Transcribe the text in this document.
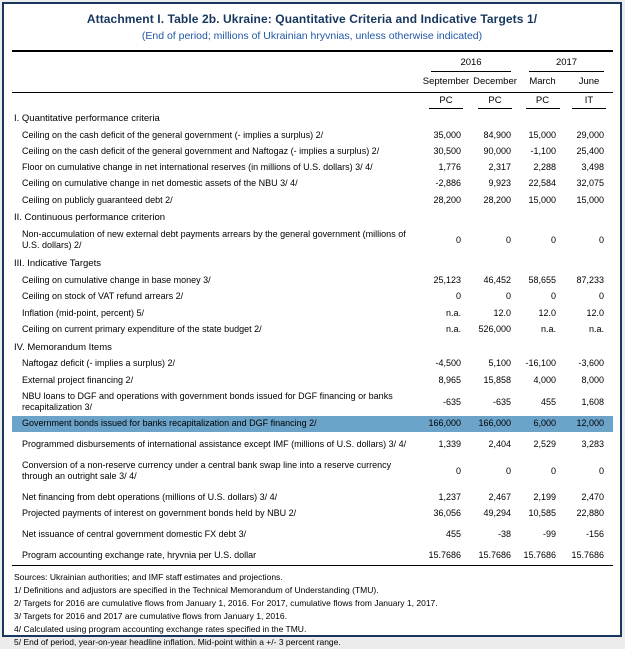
Attachment I. Table 2b. Ukraine: Quantitative Criteria and Indicative Targets 1/
(End of period; millions of Ukrainian hryvnias, unless otherwise indicated)

	2016		2017	

	September	December	March	June

	PC	PC	PC	IT

I. Quantitative performance criteria				
Ceiling on the cash deficit of the general government (- implies a surplus) 2/	35,000	84,900	15,000	29,000
Ceiling on the cash deficit of the general government and Naftogaz (- implies a surplus) 2/	30,500	90,000	-1,100	25,400
Floor on cumulative change in net international reserves (in millions of U.S. dollars) 3/ 4/	1,776	2,317	2,288	3,498
Ceiling on cumulative change in net domestic assets of the NBU 3/ 4/	-2,886	9,923	22,584	32,075
Ceiling on publicly guaranteed debt 2/	28,200	28,200	15,000	15,000
II. Continuous performance criterion				
Non-accumulation of new external debt payments arrears by the general government (millions of U.S. dollars) 2/	0	0	0	0
III. Indicative Targets				
Ceiling on cumulative change in base money 3/	25,123	46,452	58,655	87,233
Ceiling on stock of VAT refund arrears 2/	0	0	0	0
Inflation (mid-point, percent) 5/	n.a.	12.0	12.0	12.0
Ceiling on current primary expenditure of the state budget 2/	n.a.	526,000	n.a.	n.a.
IV. Memorandum Items				
Naftogaz deficit (- implies a surplus) 2/	-4,500	5,100	-16,100	-3,600
External project financing 2/	8,965	15,858	4,000	8,000
NBU loans to DGF and operations with government bonds issued for DGF financing or banks recapitalization 3/	-635	-635	455	1,608
Government bonds issued for banks recapitalization and DGF financing 2/	166,000	166,000	6,000	12,000
Programmed disbursements of international assistance except IMF (millions of U.S. dollars) 3/ 4/	1,339	2,404	2,529	3,283
Conversion of a non-reserve currency under a central bank swap line into a reserve currency through an outright sale 3/ 4/	0	0	0	0
Net financing from debt operations (millions of U.S. dollars) 3/ 4/	1,237	2,467	2,199	2,470
Projected payments of interest on government bonds held by NBU 2/	36,056	49,294	10,585	22,880
Net issuance of central government domestic FX debt 3/	455	-38	-99	-156
Program accounting exchange rate, hryvnia per U.S. dollar	15.7686	15.7686	15.7686	15.7686
Sources: Ukrainian authorities; and IMF staff estimates and projections.
1/ Definitions and adjustors are specified in the Technical Memorandum of Understanding (TMU).
2/ Targets for 2016 are cumulative flows from January 1, 2016. For 2017, cumulative flows from January 1, 2017.
3/ Targets for 2016 and 2017 are cumulative flows from January 1, 2016.
4/ Calculated using program accounting exchange rates specified in the TMU.
5/ End of period, year-on-year headline inflation. Mid-point within a +/- 3 percent range.
